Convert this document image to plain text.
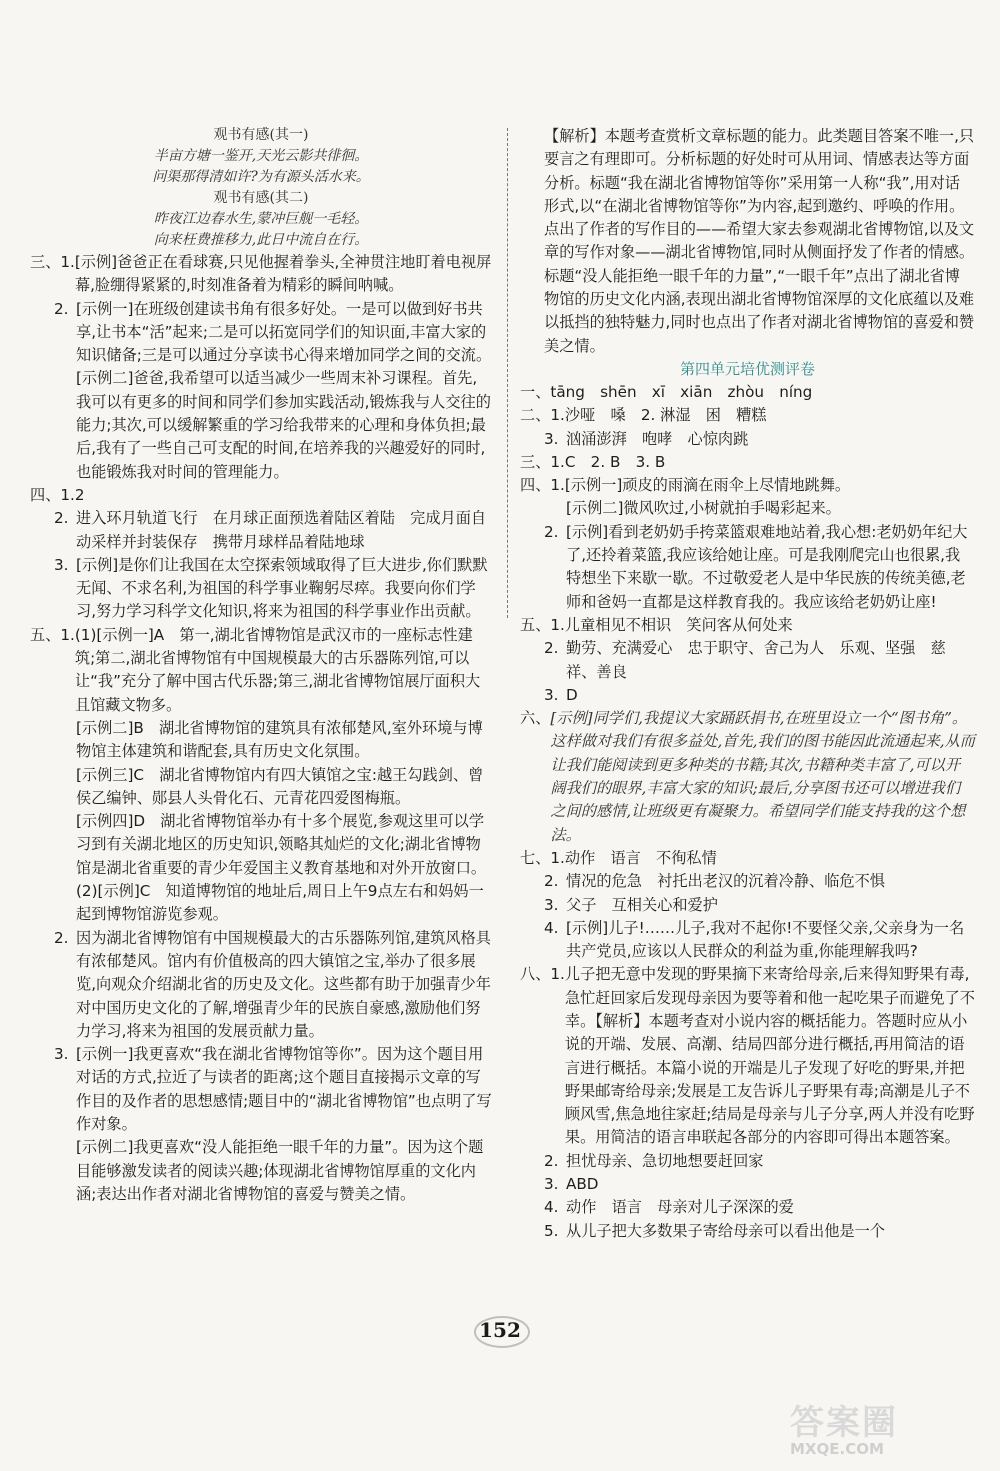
观书有感(其一)
半亩方塘一鉴开,天光云影共徘徊。
问渠那得清如许?为有源头活水来。
观书有感(其二)
昨夜江边春水生,蒙冲巨舰一毛轻。
向来枉费推移力,此日中流自在行。
三、1. [示例]爸爸正在看球赛,只见他握着拳头,全神贯注地盯着电视屏幕,脸绷得紧紧的,时刻准备着为精彩的瞬间呐喊。
2. [示例一]在班级创建读书角有很多好处。一是可以做到好书共享,让书本“活”起来;二是可以拓宽同学们的知识面,丰富大家的知识储备;三是可以通过分享读书心得来增加同学之间的交流。
[示例二]爸爸,我希望可以适当减少一些周末补习课程。首先,我可以有更多的时间和同学们参加实践活动,锻炼我与人交往的能力;其次,可以缓解繁重的学习给我带来的心理和身体负担;最后,我有了一些自己可支配的时间,在培养我的兴趣爱好的同时,也能锻炼我对时间的管理能力。
四、1. 2
2. 进入环月轨道飞行　在月球正面预选着陆区着陆　完成月面自动采样并封装保存　携带月球样品着陆地球
3. [示例]是你们让我国在太空探索领域取得了巨大进步,你们默默无闻、不求名利,为祖国的科学事业鞠躬尽瘁。我要向你们学习,努力学习科学文化知识,将来为祖国的科学事业作出贡献。
五、1. (1)[示例一]A　第一,湖北省博物馆是武汉市的一座标志性建筑;第二,湖北省博物馆有中国规模最大的古乐器陈列馆,可以让“我”充分了解中国古代乐器;第三,湖北省博物馆展厅面积大且馆藏文物多。
[示例二]B　湖北省博物馆的建筑具有浓郁楚风,室外环境与博物馆主体建筑和谐配套,具有历史文化氛围。
[示例三]C　湖北省博物馆内有四大镇馆之宝:越王勾践剑、曾侯乙编钟、郧县人头骨化石、元青花四爱图梅瓶。
[示例四]D　湖北省博物馆举办有十多个展览,参观这里可以学习到有关湖北地区的历史知识,领略其灿烂的文化;湖北省博物馆是湖北省重要的青少年爱国主义教育基地和对外开放窗口。
(2)[示例]C　知道博物馆的地址后,周日上午9点左右和妈妈一起到博物馆游览参观。
2. 因为湖北省博物馆有中国规模最大的古乐器陈列馆,建筑风格具有浓郁楚风。馆内有价值极高的四大镇馆之宝,举办了很多展览,向观众介绍湖北省的历史及文化。这些都有助于加强青少年对中国历史文化的了解,增强青少年的民族自豪感,激励他们努力学习,将来为祖国的发展贡献力量。
3. [示例一]我更喜欢“我在湖北省博物馆等你”。因为这个题目用对话的方式,拉近了与读者的距离;这个题目直接揭示文章的写作目的及作者的思想感情;题目中的“湖北省博物馆”也点明了写作对象。
[示例二]我更喜欢“没人能拒绝一眼千年的力量”。因为这个题目能够激发读者的阅读兴趣;体现湖北省博物馆厚重的文化内涵;表达出作者对湖北省博物馆的喜爱与赞美之情。
【解析】本题考查赏析文章标题的能力。此类题目答案不唯一,只要言之有理即可。分析标题的好处时可从用词、情感表达等方面分析。标题“我在湖北省博物馆等你”采用第一人称“我”,用对话形式,以“在湖北省博物馆等你”为内容,起到邀约、呼唤的作用。点出了作者的写作目的——希望大家去参观湖北省博物馆,以及文章的写作对象——湖北省博物馆,同时从侧面抒发了作者的情感。标题“没人能拒绝一眼千年的力量”,“一眼千年”点出了湖北省博物馆的历史文化内涵,表现出湖北省博物馆深厚的文化底蕴以及难以抵挡的独特魅力,同时也点出了作者对湖北省博物馆的喜爱和赞美之情。
第四单元培优测评卷
一、 tāng　shēn　xī　xiān　zhòu　níng
二、1. 沙哑　嗓　2. 淋湿　困　糟糕
3. 汹涌澎湃　咆哮　心惊肉跳
三、1. C　2. B　3. B
四、1. [示例一]顽皮的雨滴在雨伞上尽情地跳舞。
[示例二]微风吹过,小树就拍手喝彩起来。
2. [示例]看到老奶奶手挎菜篮艰难地站着,我心想:老奶奶年纪大了,还拎着菜篮,我应该给她让座。可是我刚爬完山也很累,我特想坐下来歇一歇。不过敬爱老人是中华民族的传统美德,老师和爸妈一直都是这样教育我的。我应该给老奶奶让座!
五、1. 儿童相见不相识　笑问客从何处来
2. 勤劳、充满爱心　忠于职守、舍己为人　乐观、坚强　慈祥、善良
3. D
六、 [示例]同学们,我提议大家踊跃捐书,在班里设立一个“图书角”。这样做对我们有很多益处,首先,我们的图书能因此流通起来,从而让我们能阅读到更多种类的书籍;其次,书籍种类丰富了,可以开阔我们的眼界,丰富大家的知识;最后,分享图书还可以增进我们之间的感情,让班级更有凝聚力。希望同学们能支持我的这个想法。
七、1. 动作　语言　不徇私情
2. 情况的危急　衬托出老汉的沉着冷静、临危不惧
3. 父子　互相关心和爱护
4. [示例]儿子!……儿子,我对不起你!不要怪父亲,父亲身为一名共产党员,应该以人民群众的利益为重,你能理解我吗?
八、1. 儿子把无意中发现的野果摘下来寄给母亲,后来得知野果有毒,急忙赶回家后发现母亲因为要等着和他一起吃果子而避免了不幸。【解析】本题考查对小说内容的概括能力。答题时应从小说的开端、发展、高潮、结局四部分进行概括,再用简洁的语言进行概括。本篇小说的开端是儿子发现了好吃的野果,并把野果邮寄给母亲;发展是工友告诉儿子野果有毒;高潮是儿子不顾风雪,焦急地往家赶;结局是母亲与儿子分享,两人并没有吃野果。用简洁的语言串联起各部分的内容即可得出本题答案。
2. 担忧母亲、急切地想要赶回家
3. ABD
4. 动作　语言　母亲对儿子深深的爱
5. 从儿子把大多数果子寄给母亲可以看出他是一个
152
答案圈
MXQE.COM
